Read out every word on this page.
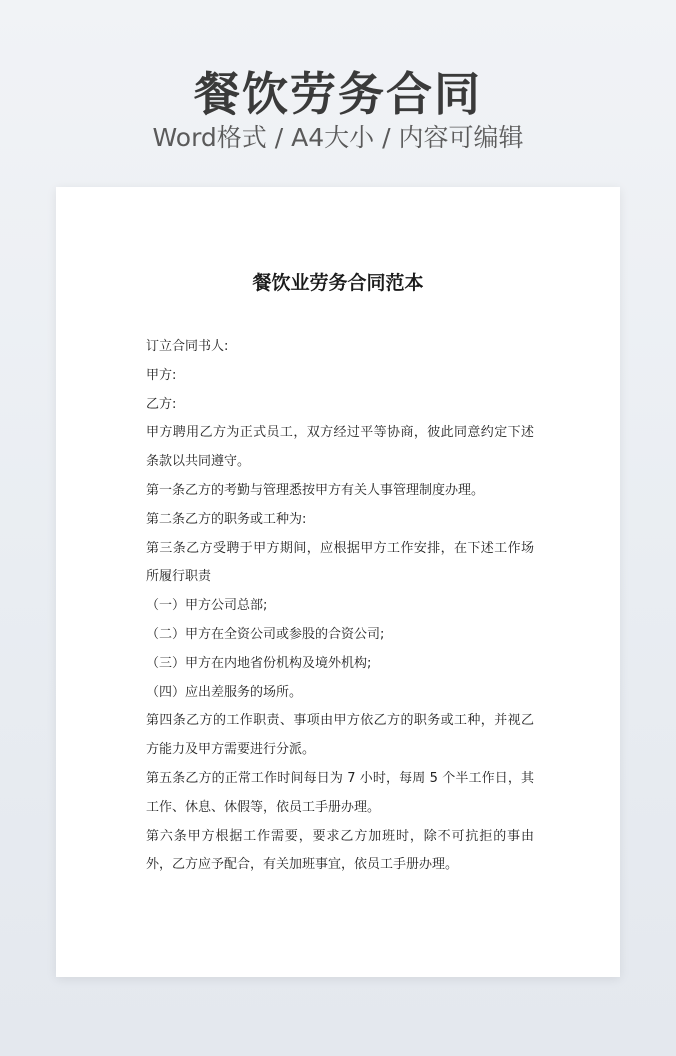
餐饮劳务合同
Word格式 / A4大小 / 内容可编辑
餐饮业劳务合同范本

订立合同书人:

甲方:

乙方:

甲方聘用乙方为正式员工，双方经过平等协商，彼此同意约定下述条款以共同遵守。

第一条乙方的考勤与管理悉按甲方有关人事管理制度办理。

第二条乙方的职务或工种为:

第三条乙方受聘于甲方期间，应根据甲方工作安排，在下述工作场所履行职责

（一）甲方公司总部;

（二）甲方在全资公司或参股的合资公司;

（三）甲方在内地省份机构及境外机构;

（四）应出差服务的场所。

第四条乙方的工作职责、事项由甲方依乙方的职务或工种，并视乙方能力及甲方需要进行分派。

第五条乙方的正常工作时间每日为 7 小时，每周 5 个半工作日，其工作、休息、休假等，依员工手册办理。

第六条甲方根据工作需要，要求乙方加班时，除不可抗拒的事由外，乙方应予配合，有关加班事宜，依员工手册办理。
